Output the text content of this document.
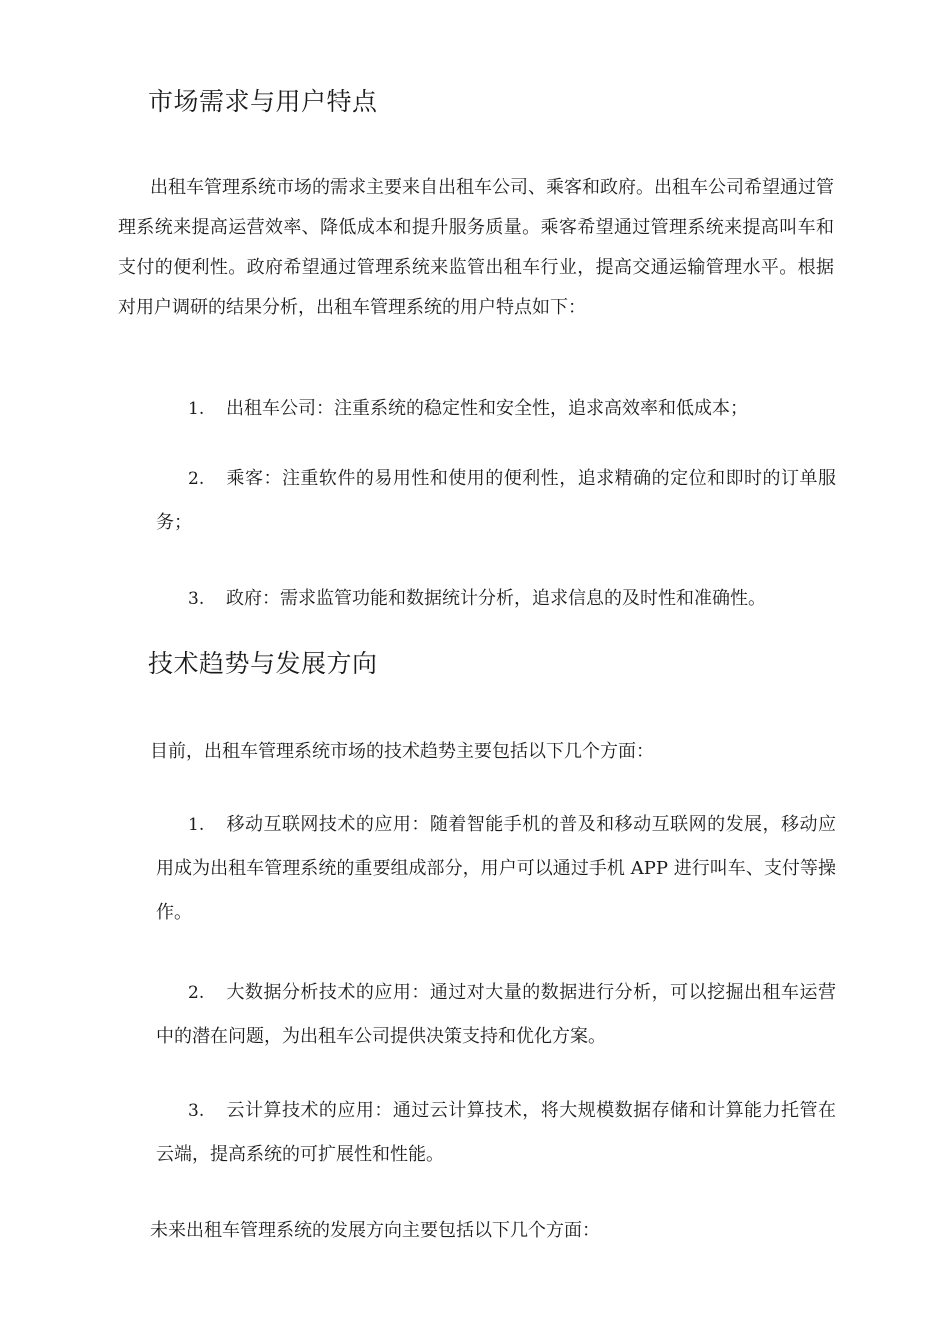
市场需求与用户特点
出租车管理系统市场的需求主要来自出租车公司、乘客和政府。出租车公司希望通过管理系统来提高运营效率、降低成本和提升服务质量。乘客希望通过管理系统来提高叫车和支付的便利性。政府希望通过管理系统来监管出租车行业，提高交通运输管理水平。根据对用户调研的结果分析，出租车管理系统的用户特点如下：
1. 出租车公司：注重系统的稳定性和安全性，追求高效率和低成本；
2. 乘客：注重软件的易用性和使用的便利性，追求精确的定位和即时的订单服务；
3. 政府：需求监管功能和数据统计分析，追求信息的及时性和准确性。
技术趋势与发展方向
目前，出租车管理系统市场的技术趋势主要包括以下几个方面：
1. 移动互联网技术的应用：随着智能手机的普及和移动互联网的发展，移动应用成为出租车管理系统的重要组成部分，用户可以通过手机 APP 进行叫车、支付等操作。
2. 大数据分析技术的应用：通过对大量的数据进行分析，可以挖掘出租车运营中的潜在问题，为出租车公司提供决策支持和优化方案。
3. 云计算技术的应用：通过云计算技术，将大规模数据存储和计算能力托管在云端，提高系统的可扩展性和性能。
未来出租车管理系统的发展方向主要包括以下几个方面：
